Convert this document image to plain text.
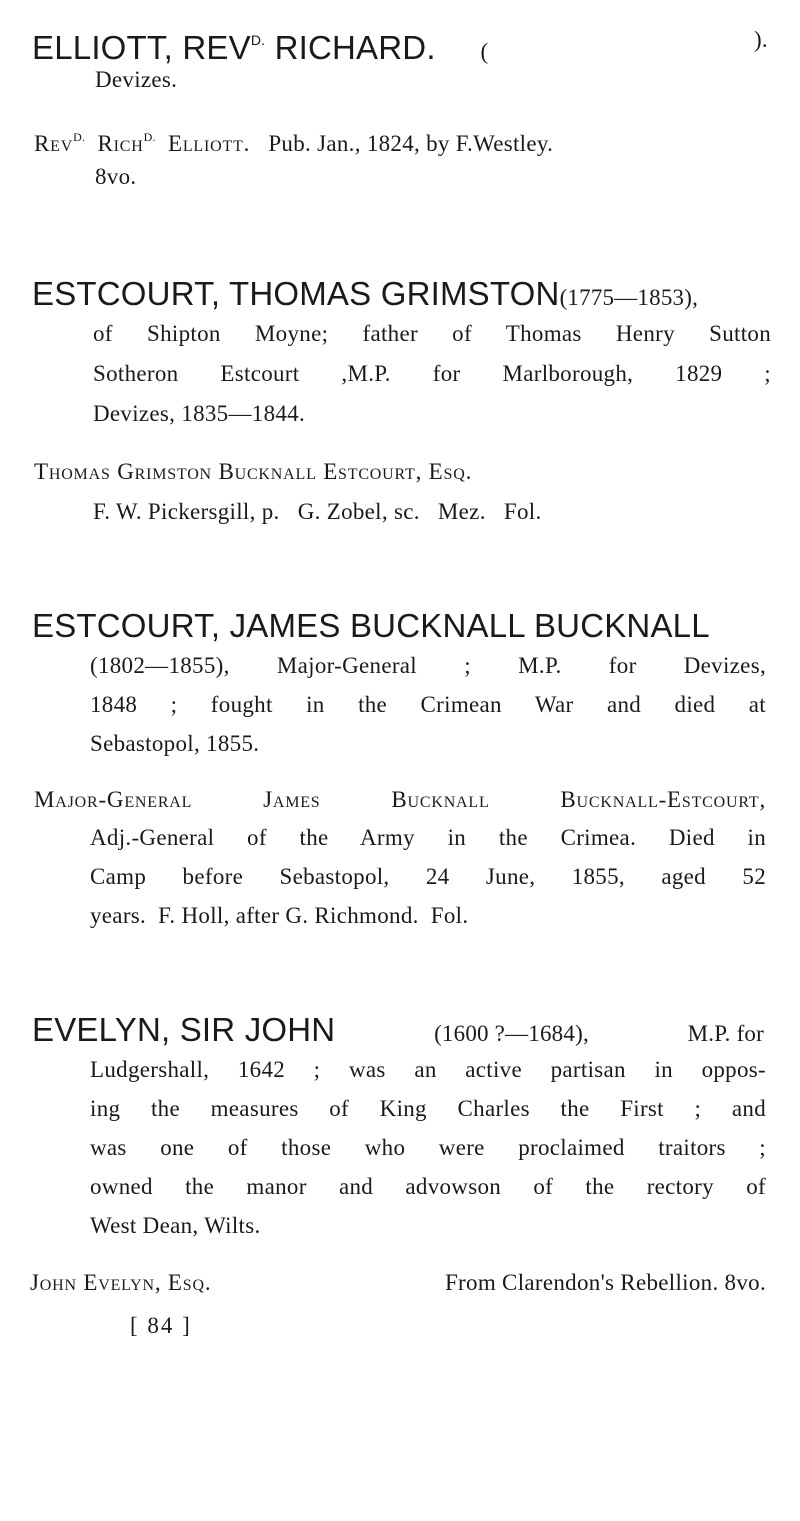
ELLIOTT, $REV^{D.}$ RICHARD. (	).
Devizes.
Rev$^{D.}$ Rich$^{D.}$ Elliott. Pub. Jan., 1824, by F.Westley.
8vo.
ESTCOURT, THOMAS GRIMSTON(1775—1853),
of Shipton Moyne; father of Thomas Henry Sutton
Sotheron Estcourt ,M.P. for Marlborough, 1829 ;
Devizes, 1835—1844.
Thomas Grimston Bucknall Estcourt, Esq.
F. W. Pickersgill, p.   G. Zobel, sc.   Mez.   Fol.
ESTCOURT, JAMES BUCKNALL BUCKNALL
(1802—1855), Major-General ; M.P. for Devizes,
1848 ; fought in the Crimean War and died at
Sebastopol, 1855.
Major-General James Bucknall Bucknall-Estcourt,
Adj.-General of the Army in the Crimea. Died in
Camp before Sebastopol, 24 June, 1855, aged 52
years.  F. Holl, after G. Richmond.  Fol.
EVELYN, SIR JOHN	(1600 ?—1684),	M.P. for
Ludgershall, 1642 ; was an active partisan in oppos-
ing the measures of King Charles the First ; and
was one of those who were proclaimed traitors ;
owned the manor and advowson of the rectory of
West Dean, Wilts.
John Evelyn, Esq.	From Clarendon's Rebellion. 8vo.
[ 84 ]
